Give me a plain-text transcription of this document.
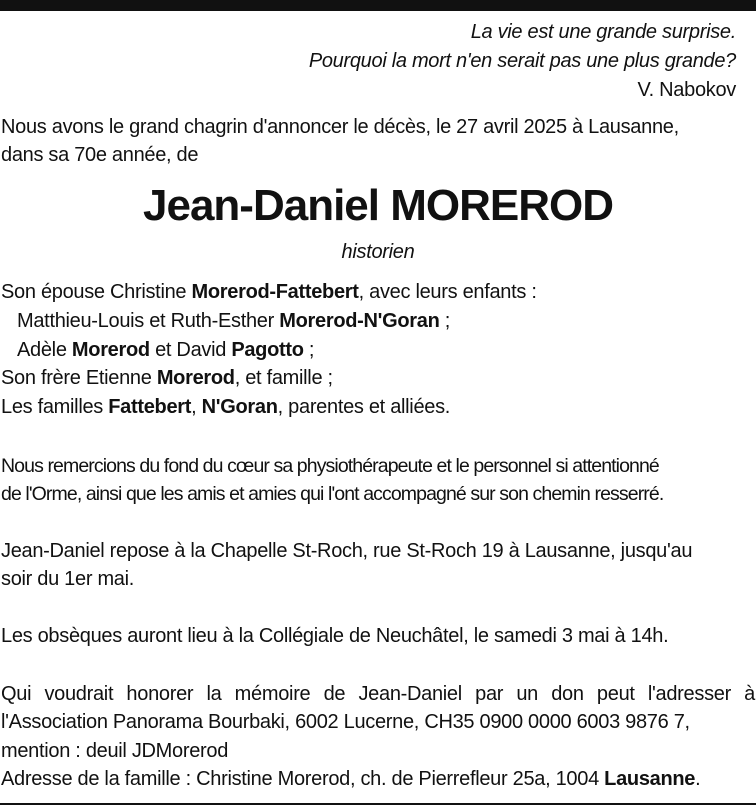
La vie est une grande surprise.
Pourquoi la mort n'en serait pas une plus grande?
V. Nabokov
Nous avons le grand chagrin d'annoncer le décès, le 27 avril 2025 à Lausanne,
dans sa 70e année, de
Jean-Daniel MOREROD
historien
Son épouse Christine Morerod-Fattebert, avec leurs enfants :
Matthieu-Louis et Ruth-Esther Morerod-N'Goran ;
Adèle Morerod et David Pagotto ;
Son frère Etienne Morerod, et famille ;
Les familles Fattebert, N'Goran, parentes et alliées.
Nous remercions du fond du cœur sa physiothérapeute et le personnel si attentionné
de l'Orme, ainsi que les amis et amies qui l'ont accompagné sur son chemin resserré.
Jean-Daniel repose à la Chapelle St-Roch, rue St-Roch 19 à Lausanne, jusqu'au
soir du 1er mai.
Les obsèques auront lieu à la Collégiale de Neuchâtel, le samedi 3 mai à 14h.
Qui voudrait honorer la mémoire de Jean-Daniel par un don peut l'adresser à
l'Association Panorama Bourbaki, 6002 Lucerne, CH35 0900 0000 6003 9876 7,
mention : deuil JDMorerod
Adresse de la famille : Christine Morerod, ch. de Pierrefleur 25a, 1004 Lausanne.
